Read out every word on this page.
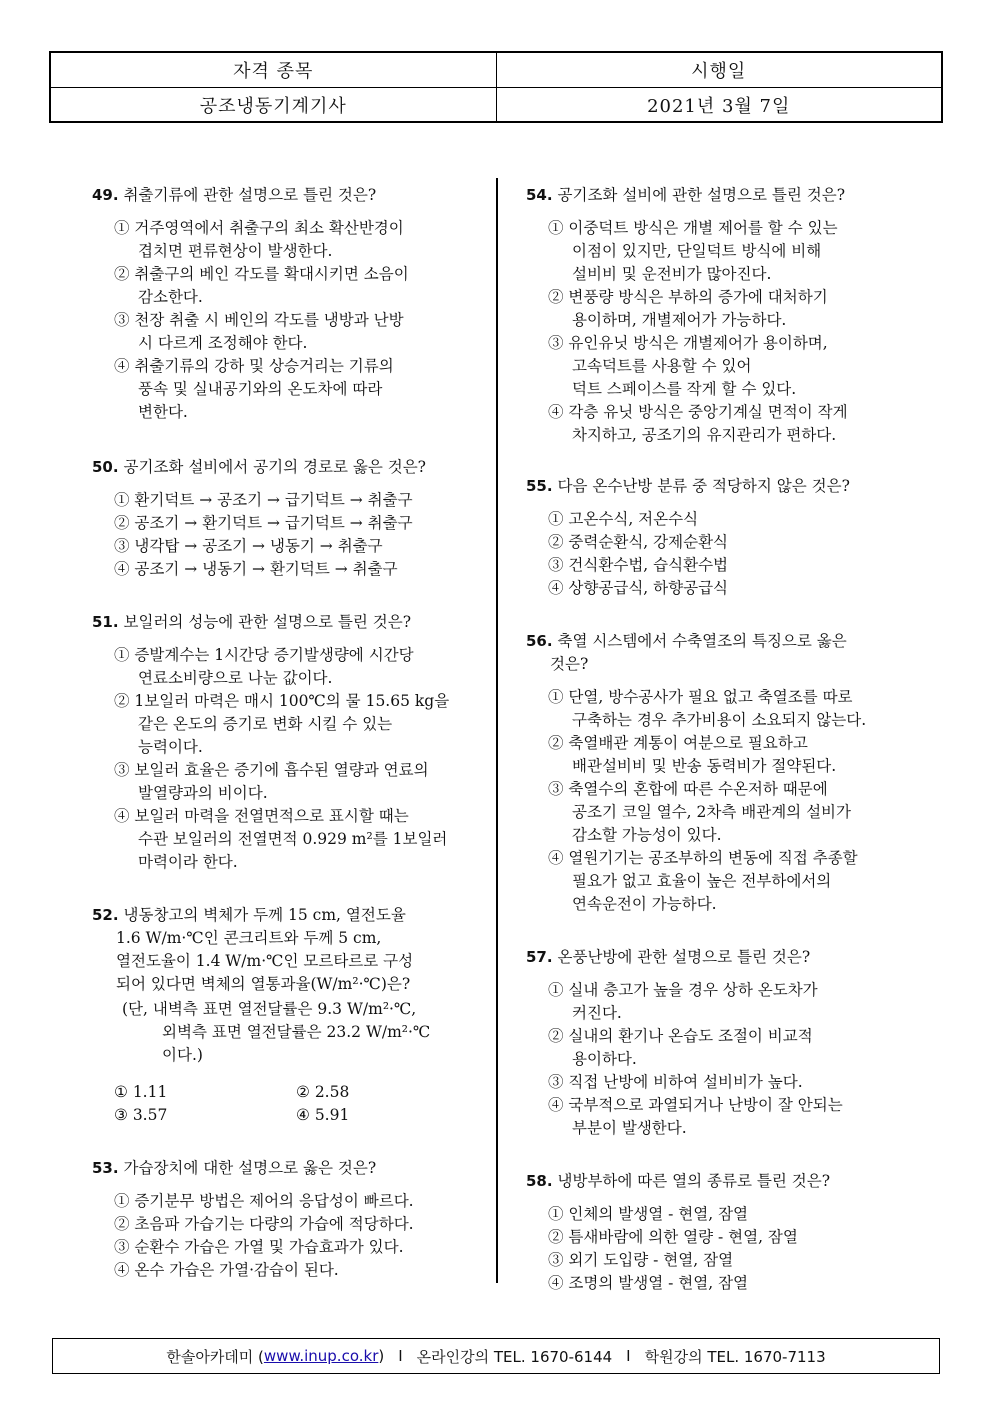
자격 종목	시행일
공조냉동기계기사	2021년 3월 7일
49. 취출기류에 관한 설명으로 틀린 것은?
① 거주영역에서 취출구의 최소 확산반경이
겹치면 편류현상이 발생한다.
② 취출구의 베인 각도를 확대시키면 소음이
감소한다.
③ 천장 취출 시 베인의 각도를 냉방과 난방
시 다르게 조정해야 한다.
④ 취출기류의 강하 및 상승거리는 기류의
풍속 및 실내공기와의 온도차에 따라
변한다.
50. 공기조화 설비에서 공기의 경로로 옳은 것은?
① 환기덕트 → 공조기 → 급기덕트 → 취출구
② 공조기 → 환기덕트 → 급기덕트 → 취출구
③ 냉각탑 → 공조기 → 냉동기 → 취출구
④ 공조기 → 냉동기 → 환기덕트 → 취출구
51. 보일러의 성능에 관한 설명으로 틀린 것은?
① 증발계수는 1시간당 증기발생량에 시간당
연료소비량으로 나눈 값이다.
② 1보일러 마력은 매시 100℃의 물 15.65 kg을
같은 온도의 증기로 변화 시킬 수 있는
능력이다.
③ 보일러 효율은 증기에 흡수된 열량과 연료의
발열량과의 비이다.
④ 보일러 마력을 전열면적으로 표시할 때는
수관 보일러의 전열면적 0.929 m²를 1보일러
마력이라 한다.
52. 냉동창고의 벽체가 두께 15 cm, 열전도율
1.6 W/m·℃인 콘크리트와 두께 5 cm,
열전도율이 1.4 W/m·℃인 모르타르로 구성
되어 있다면 벽체의 열통과율(W/m²·℃)은?
(단, 내벽측 표면 열전달률은 9.3 W/m²·℃,
외벽측 표면 열전달률은 23.2 W/m²·℃
이다.)
① 1.11	② 2.58
③ 3.57	④ 5.91
53. 가습장치에 대한 설명으로 옳은 것은?
① 증기분무 방법은 제어의 응답성이 빠르다.
② 초음파 가습기는 다량의 가습에 적당하다.
③ 순환수 가습은 가열 및 가습효과가 있다.
④ 온수 가습은 가열·감습이 된다.
54. 공기조화 설비에 관한 설명으로 틀린 것은?
① 이중덕트 방식은 개별 제어를 할 수 있는
이점이 있지만, 단일덕트 방식에 비해
설비비 및 운전비가 많아진다.
② 변풍량 방식은 부하의 증가에 대처하기
용이하며, 개별제어가 가능하다.
③ 유인유닛 방식은 개별제어가 용이하며,
고속덕트를 사용할 수 있어
덕트 스페이스를 작게 할 수 있다.
④ 각층 유닛 방식은 중앙기계실 면적이 작게
차지하고, 공조기의 유지관리가 편하다.
55. 다음 온수난방 분류 중 적당하지 않은 것은?
① 고온수식, 저온수식
② 중력순환식, 강제순환식
③ 건식환수법, 습식환수법
④ 상향공급식, 하향공급식
56. 축열 시스템에서 수축열조의 특징으로 옳은
것은?
① 단열, 방수공사가 필요 없고 축열조를 따로
구축하는 경우 추가비용이 소요되지 않는다.
② 축열배관 계통이 여분으로 필요하고
배관설비비 및 반송 동력비가 절약된다.
③ 축열수의 혼합에 따른 수온저하 때문에
공조기 코일 열수, 2차측 배관계의 설비가
감소할 가능성이 있다.
④ 열원기기는 공조부하의 변동에 직접 추종할
필요가 없고 효율이 높은 전부하에서의
연속운전이 가능하다.
57. 온풍난방에 관한 설명으로 틀린 것은?
① 실내 층고가 높을 경우 상하 온도차가
커진다.
② 실내의 환기나 온습도 조절이 비교적
용이하다.
③ 직접 난방에 비하여 설비비가 높다.
④ 국부적으로 과열되거나 난방이 잘 안되는
부분이 발생한다.
58. 냉방부하에 따른 열의 종류로 틀린 것은?
① 인체의 발생열 - 현열, 잠열
② 틈새바람에 의한 열량 - 현열, 잠열
③ 외기 도입량 - 현열, 잠열
④ 조명의 발생열 - 현열, 잠열
한솔아카데미 ( www.inup.co.kr ) I 온라인강의 TEL. 1670-6144 I 학원강의 TEL. 1670-7113
